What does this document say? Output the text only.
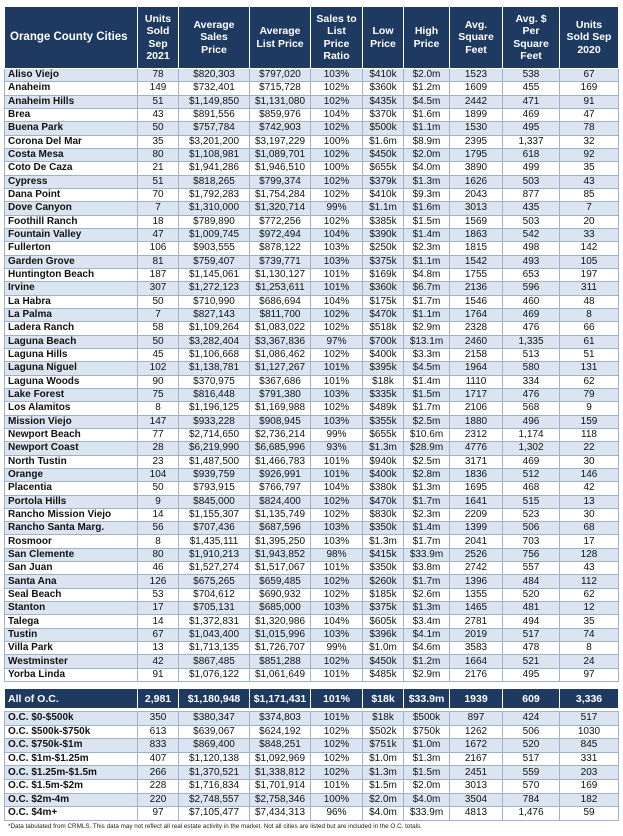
Orange County Cities	Units Sold Sep 2021	Average Sales Price	Average List Price	Sales to List Price Ratio	Low Price	High Price	Avg. Square Feet	Avg. $ Per Square Feet	Units Sold Sep 2020
Aliso Viejo	78	$820,303	$797,020	103%	$410k	$2.0m	1523	538	67
Anaheim	149	$732,401	$715,728	102%	$360k	$1.2m	1609	455	169
Anaheim Hills	51	$1,149,850	$1,131,080	102%	$435k	$4.5m	2442	471	91
Brea	43	$891,556	$859,976	104%	$370k	$1.6m	1899	469	47
Buena Park	50	$757,784	$742,903	102%	$500k	$1.1m	1530	495	78
Corona Del Mar	35	$3,201,200	$3,197,229	100%	$1.6m	$8.9m	2395	1,337	32
Costa Mesa	80	$1,108,981	$1,089,701	102%	$450k	$2.0m	1795	618	92
Coto De Caza	21	$1,941,286	$1,946,510	100%	$655k	$4.0m	3890	499	35
Cypress	51	$818,265	$799,374	102%	$379k	$1.3m	1626	503	43
Dana Point	70	$1,792,283	$1,754,284	102%	$410k	$9.3m	2043	877	85
Dove Canyon	7	$1,310,000	$1,320,714	99%	$1.1m	$1.6m	3013	435	7
Foothill Ranch	18	$789,890	$772,256	102%	$385k	$1.5m	1569	503	20
Fountain Valley	47	$1,009,745	$972,494	104%	$390k	$1.4m	1863	542	33
Fullerton	106	$903,555	$878,122	103%	$250k	$2.3m	1815	498	142
Garden Grove	81	$759,407	$739,771	103%	$375k	$1.1m	1542	493	105
Huntington Beach	187	$1,145,061	$1,130,127	101%	$169k	$4.8m	1755	653	197
Irvine	307	$1,272,123	$1,253,611	101%	$360k	$6.7m	2136	596	311
La Habra	50	$710,990	$686,694	104%	$175k	$1.7m	1546	460	48
La Palma	7	$827,143	$811,700	102%	$470k	$1.1m	1764	469	8
Ladera Ranch	58	$1,109,264	$1,083,022	102%	$518k	$2.9m	2328	476	66
Laguna Beach	50	$3,282,404	$3,367,836	97%	$700k	$13.1m	2460	1,335	61
Laguna Hills	45	$1,106,668	$1,086,462	102%	$400k	$3.3m	2158	513	51
Laguna Niguel	102	$1,138,781	$1,127,267	101%	$395k	$4.5m	1964	580	131
Laguna Woods	90	$370,975	$367,686	101%	$18k	$1.4m	1110	334	62
Lake Forest	75	$816,448	$791,380	103%	$335k	$1.5m	1717	476	79
Los Alamitos	8	$1,196,125	$1,169,988	102%	$489k	$1.7m	2106	568	9
Mission Viejo	147	$933,228	$908,945	103%	$355k	$2.5m	1880	496	159
Newport Beach	77	$2,714,650	$2,736,214	99%	$655k	$10.6m	2312	1,174	118
Newport Coast	28	$6,219,990	$6,685,996	93%	$1.3m	$28.9m	4776	1,302	22
North Tustin	23	$1,487,500	$1,466,783	101%	$940k	$2.5m	3171	469	30
Orange	104	$939,759	$926,991	101%	$400k	$2.8m	1836	512	146
Placentia	50	$793,915	$766,797	104%	$380k	$1.3m	1695	468	42
Portola Hills	9	$845,000	$824,400	102%	$470k	$1.7m	1641	515	13
Rancho Mission Viejo	14	$1,155,307	$1,135,749	102%	$830k	$2.3m	2209	523	30
Rancho Santa Marg.	56	$707,436	$687,596	103%	$350k	$1.4m	1399	506	68
Rosmoor	8	$1,435,111	$1,395,250	103%	$1.3m	$1.7m	2041	703	17
San Clemente	80	$1,910,213	$1,943,852	98%	$415k	$33.9m	2526	756	128
San Juan	46	$1,527,274	$1,517,067	101%	$350k	$3.8m	2742	557	43
Santa Ana	126	$675,265	$659,485	102%	$260k	$1.7m	1396	484	112
Seal Beach	53	$704,612	$690,932	102%	$185k	$2.6m	1355	520	62
Stanton	17	$705,131	$685,000	103%	$375k	$1.3m	1465	481	12
Talega	14	$1,372,831	$1,320,986	104%	$605k	$3.4m	2781	494	35
Tustin	67	$1,043,400	$1,015,996	103%	$396k	$4.1m	2019	517	74
Villa Park	13	$1,713,135	$1,726,707	99%	$1.0m	$4.6m	3583	478	8
Westminster	42	$867,485	$851,288	102%	$450k	$1.2m	1664	521	24
Yorba Linda	91	$1,076,122	$1,061,649	101%	$485k	$2.9m	2176	495	97
All of O.C.	2,981	$1,180,948	$1,171,431	101%	$18k	$33.9m	1939	609	3,336
O.C. $0-$500k	350	$380,347	$374,803	101%	$18k	$500k	897	424	517
O.C. $500k-$750k	613	$639,067	$624,192	102%	$502k	$750k	1262	506	1030
O.C. $750k-$1m	833	$869,400	$848,251	102%	$751k	$1.0m	1672	520	845
O.C. $1m-$1.25m	407	$1,120,138	$1,092,969	102%	$1.0m	$1.3m	2167	517	331
O.C. $1.25m-$1.5m	266	$1,370,521	$1,338,812	102%	$1.3m	$1.5m	2451	559	203
O.C. $1.5m-$2m	228	$1,716,834	$1,701,914	101%	$1.5m	$2.0m	3013	570	169
O.C. $2m-4m	220	$2,748,557	$2,758,346	100%	$2.0m	$4.0m	3504	784	182
O.C. $4m+	97	$7,105,477	$7,434,313	96%	$4.0m	$33.9m	4813	1,476	59
*Data tabulated from CRMLS. This data may not reflect all real estate activity in the market. Not all cities are listed but are included in the O.C. totals.
